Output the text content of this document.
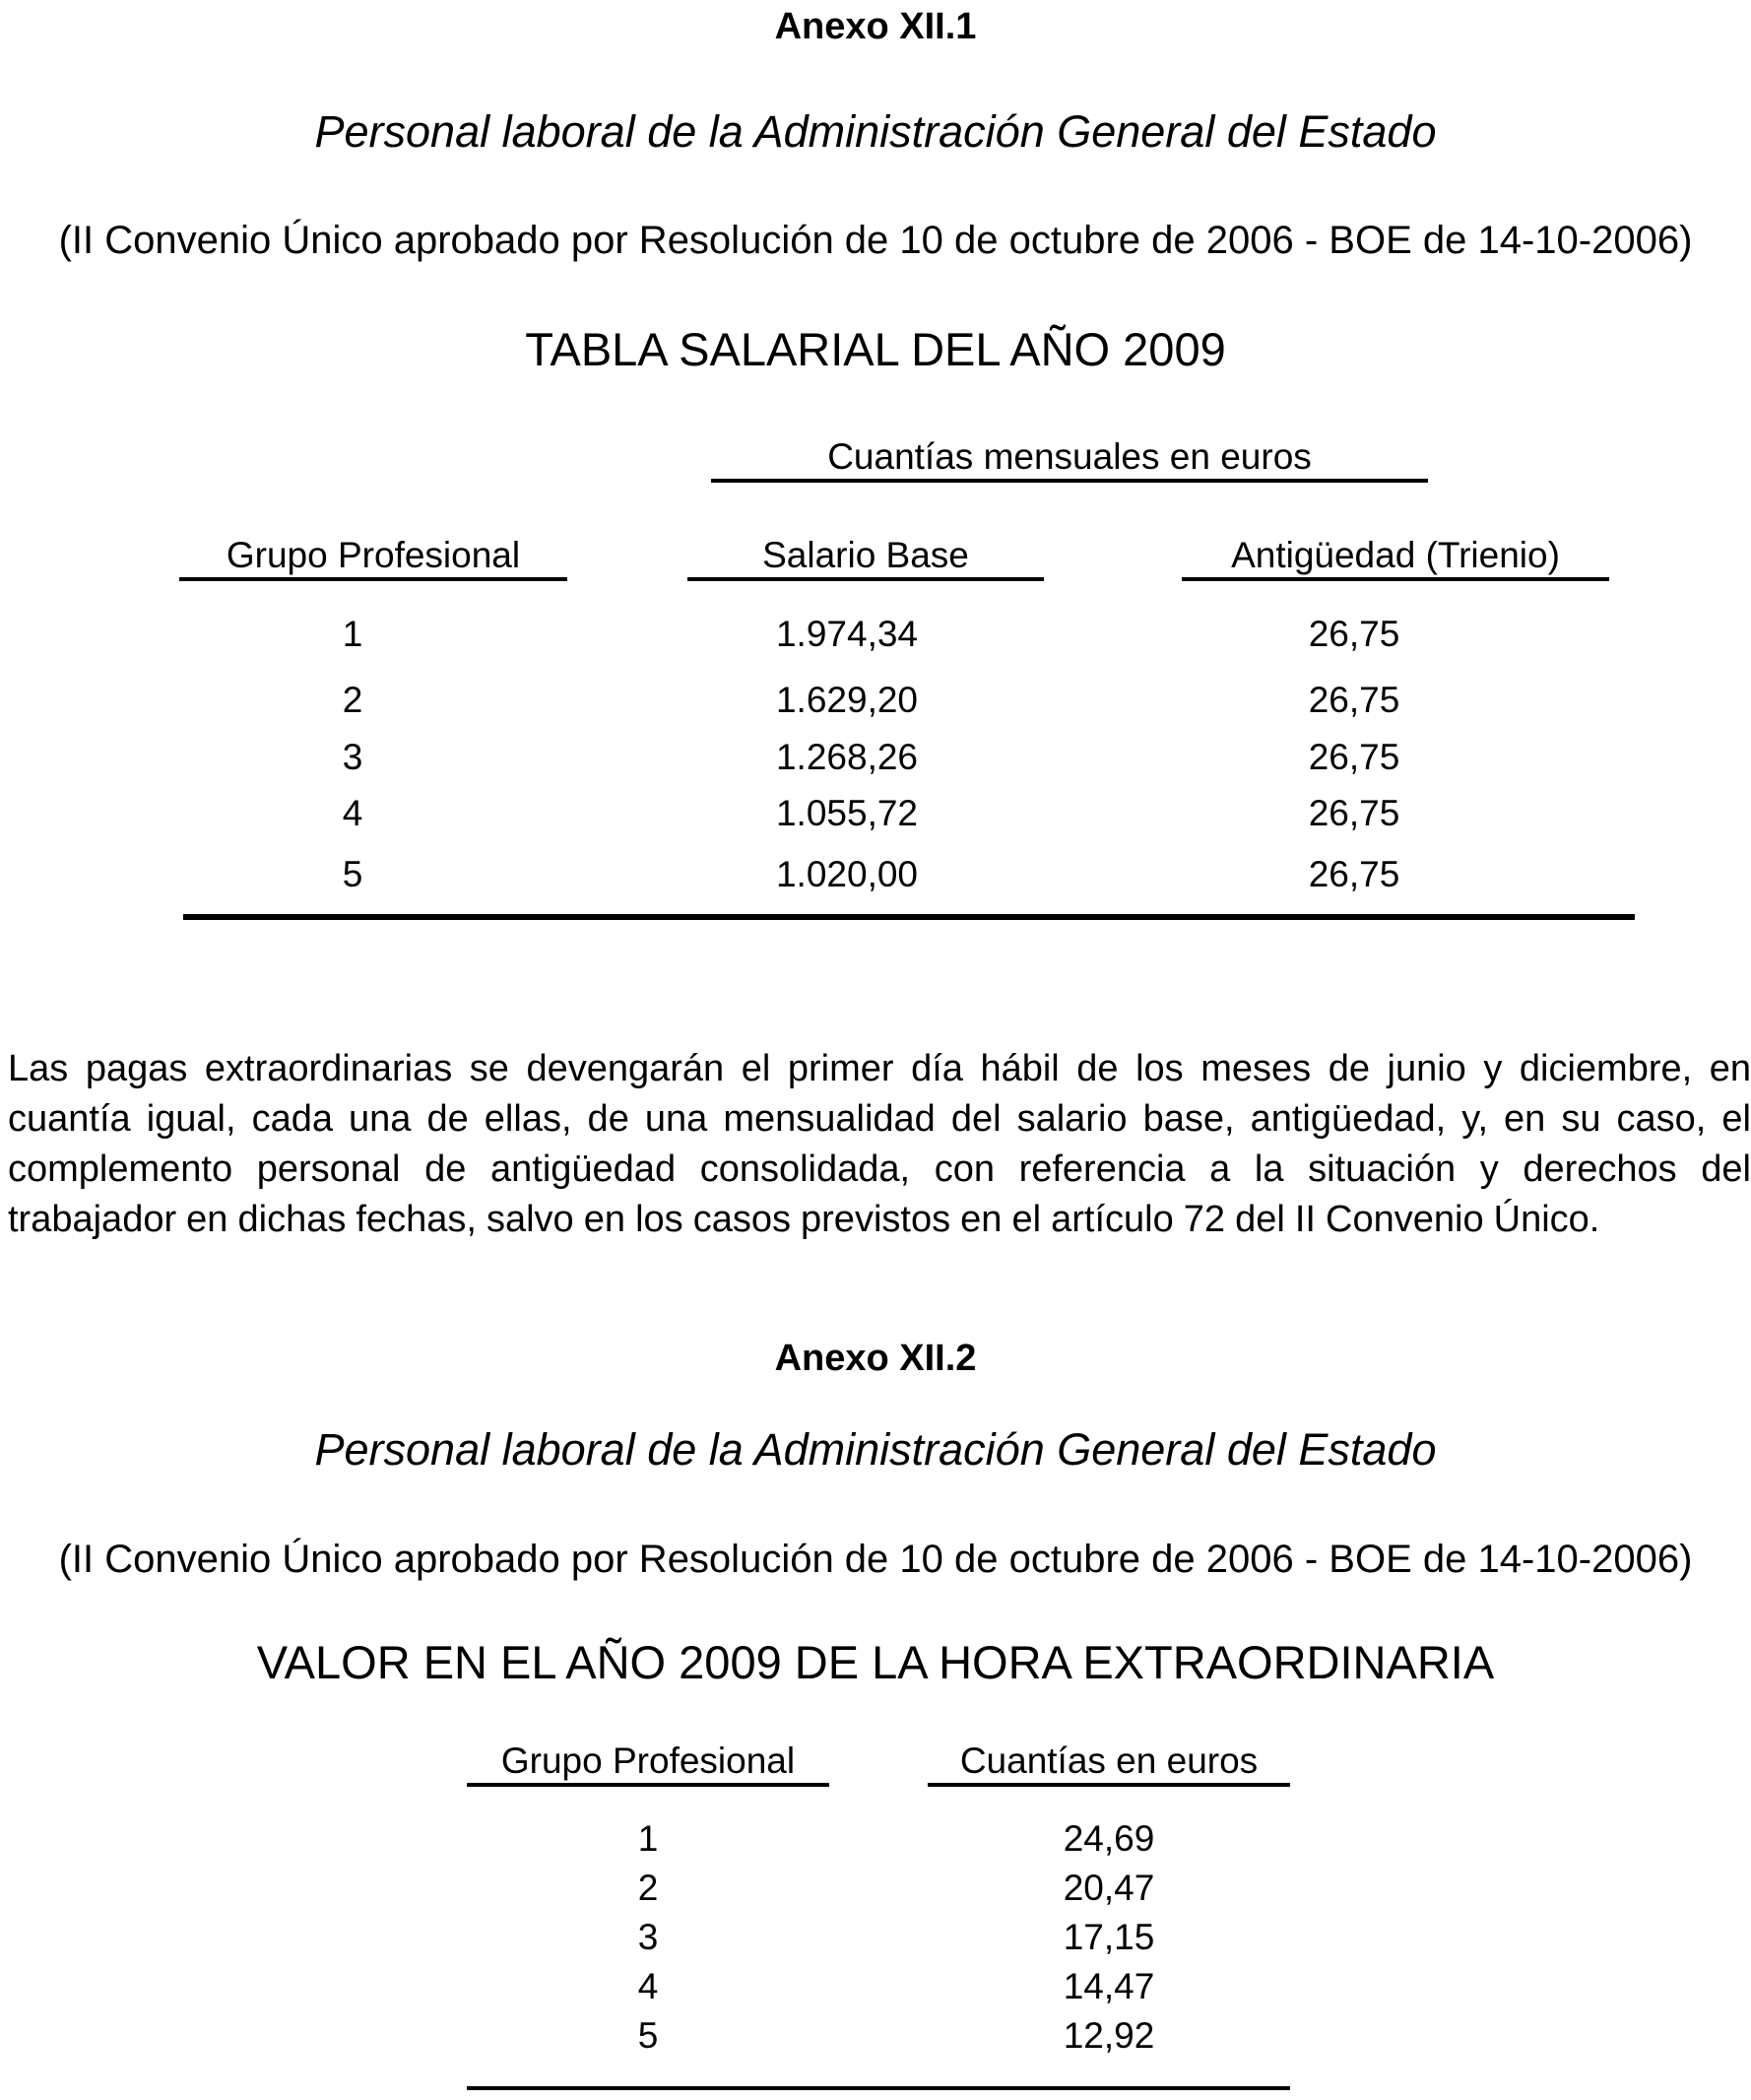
Anexo XII.1
Personal laboral de la Administración General del Estado
(II Convenio Único aprobado por Resolución de 10 de octubre de 2006 - BOE de 14-10-2006)
TABLA SALARIAL DEL AÑO 2009
Cuantías mensuales en euros
Grupo Profesional	Salario Base	Antigüedad (Trienio)
1	1.974,34	26,75
2	1.629,20	26,75
3	1.268,26	26,75
4	1.055,72	26,75
5	1.020,00	26,75
Las pagas extraordinarias se devengarán el primer día hábil de los meses de junio y diciembre, en cuantía igual, cada una de ellas, de una mensualidad del salario base, antigüedad, y, en su caso, el complemento personal de antigüedad consolidada, con referencia a la situación y derechos del trabajador en dichas fechas, salvo en los casos previstos en el artículo 72 del II Convenio Único.
Anexo XII.2
Personal laboral de la Administración General del Estado
(II Convenio Único aprobado por Resolución de 10 de octubre de 2006 - BOE de 14-10-2006)
VALOR EN EL AÑO 2009 DE LA HORA EXTRAORDINARIA
Grupo Profesional	Cuantías en euros
1	24,69
2	20,47
3	17,15
4	14,47
5	12,92
